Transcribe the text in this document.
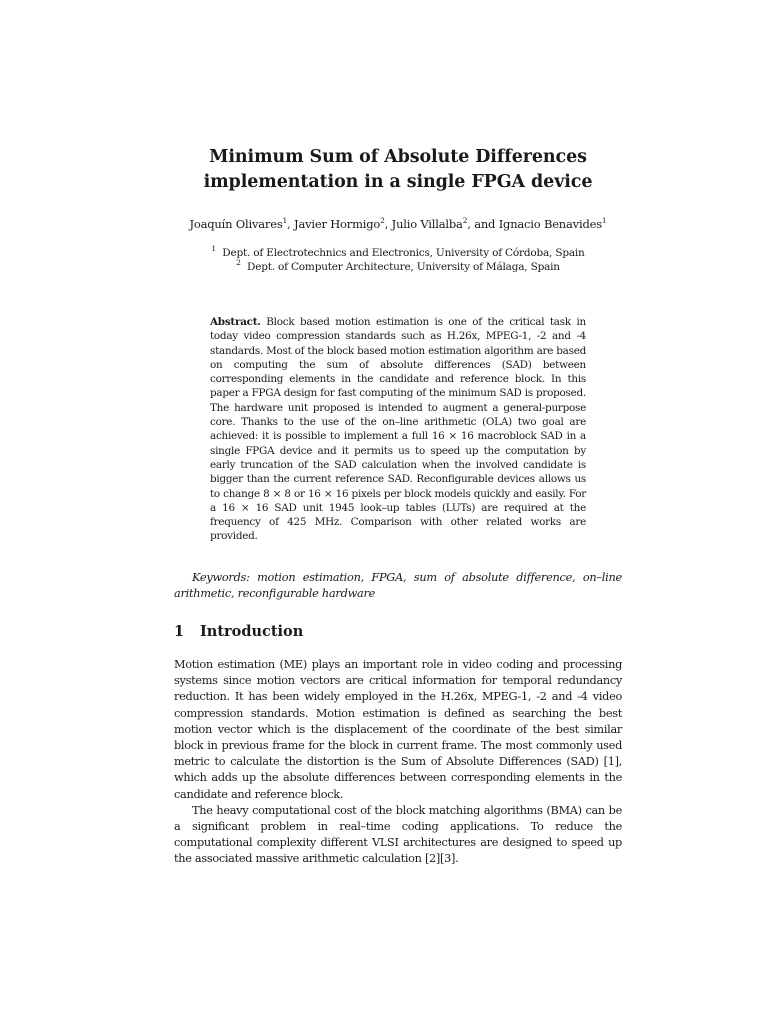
Minimum Sum of Absolute Differences
implementation in a single FPGA device
Joaquín Olivares$^1$, Javier Hormigo$^2$, Julio Villalba$^2$, and Ignacio Benavides$^1$
$^1$ Dept. of Electrotechnics and Electronics, University of Córdoba, Spain
$^2$ Dept. of Computer Architecture, University of Málaga, Spain

Abstract. Block based motion estimation is one of the critical task in today video compression standards such as H.26x, MPEG-1, -2 and -4 standards. Most of the block based motion estimation algorithm are based on computing the sum of absolute differences (SAD) between corresponding elements in the candidate and reference block. In this paper a FPGA design for fast computing of the minimum SAD is proposed. The hardware unit proposed is intended to augment a general-purpose core. Thanks to the use of the on–line arithmetic (OLA) two goal are achieved: it is possible to implement a full 16 × 16 macroblock SAD in a single FPGA device and it permits us to speed up the computation by early truncation of the SAD calculation when the involved candidate is bigger than the current reference SAD. Reconfigurable devices allows us to change 8 × 8 or 16 × 16 pixels per block models quickly and easily. For a 16 × 16 SAD unit 1945 look–up tables (LUTs) are required at the frequency of 425 MHz. Comparison with other related works are provided.

Keywords: motion estimation, FPGA, sum of absolute difference, on–line arithmetic, reconfigurable hardware

1 Introduction

Motion estimation (ME) plays an important role in video coding and processing systems since motion vectors are critical information for temporal redundancy reduction. It has been widely employed in the H.26x, MPEG-1, -2 and -4 video compression standards. Motion estimation is defined as searching the best motion vector which is the displacement of the coordinate of the best similar block in previous frame for the block in current frame. The most commonly used metric to calculate the distortion is the Sum of Absolute Differences (SAD) [1], which adds up the absolute differences between corresponding elements in the candidate and reference block.

The heavy computational cost of the block matching algorithms (BMA) can be a significant problem in real–time coding applications. To reduce the computational complexity different VLSI architectures are designed to speed up the associated massive arithmetic calculation [2][3].
